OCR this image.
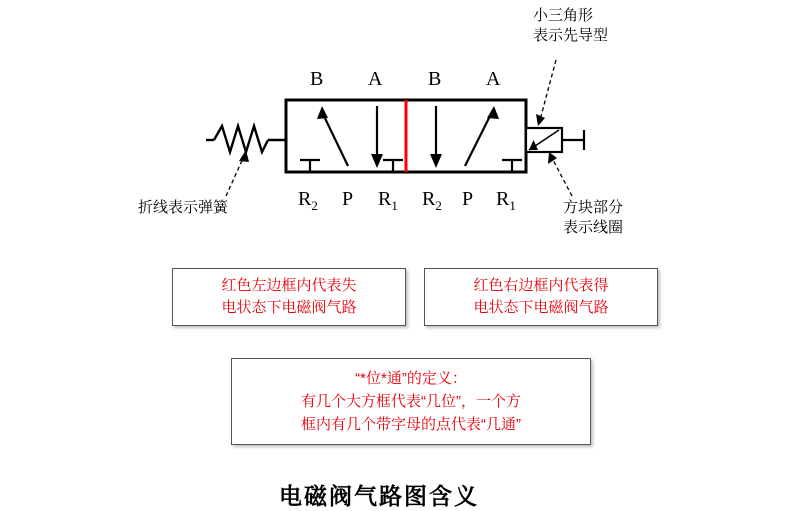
B A B A
$R_2$ P $R_1$ $R_2$ P $R_1$
小三角形
表示先导型
折线表示弹簧	方块部分
表示线圈
红色左边框内代表失
电状态下电磁阀气路
红色右边框内代表得
电状态下电磁阀气路
“*位*通”的定义：
有几个大方框代表“几位”，一个方
框内有几个带字母的点代表“几通”
电磁阀气路图含义
